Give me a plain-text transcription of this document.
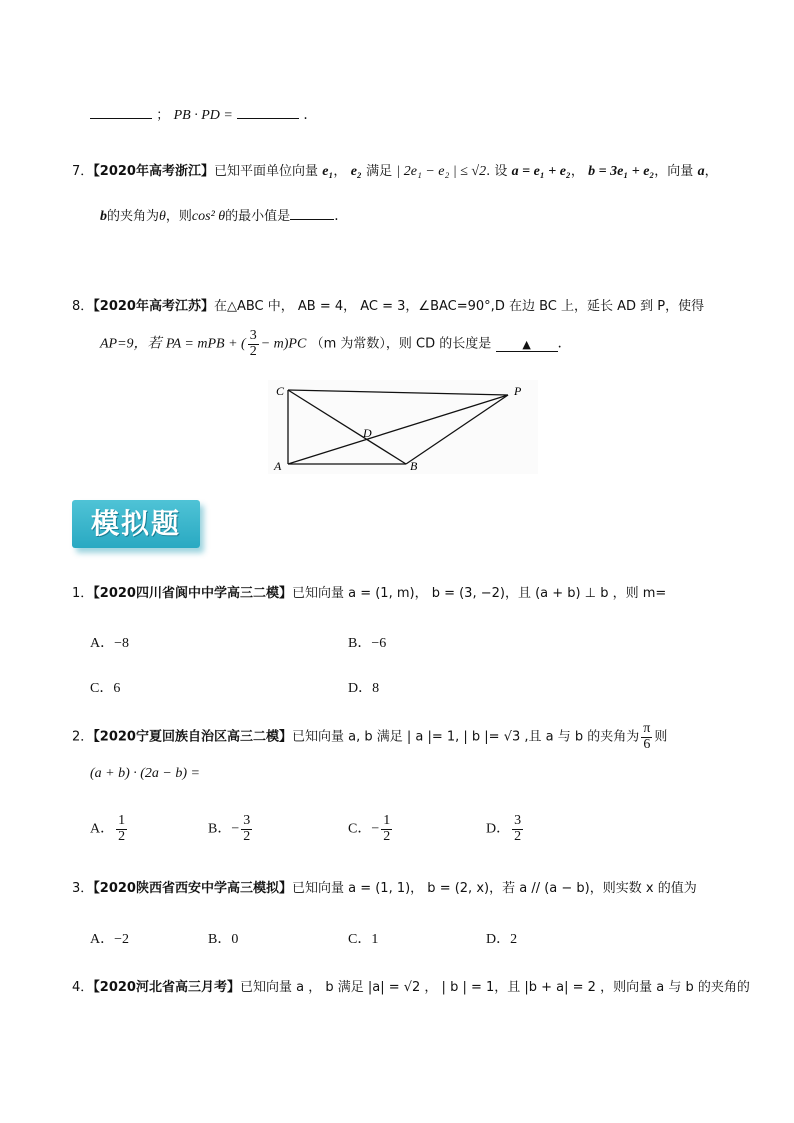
； PB · PD =	.
7．【2020年高考浙江】已知平面单位向量 e₁， e₂ 满足 | 2e₁ − e₂ | ≤ √2. 设 a = e₁ + e₂， b = 3e₁ + e₂，向量 a，
b的夹角为θ，则cos² θ的最小值是	.
8．【2020年高考江苏】在△ABC 中， AB = 4， AC = 3，∠BAC=90°,D 在边 BC 上，延长 AD 到 P，使得
AP=9，若 PA = mPB + ( $\frac{3}{2} - m)PC$ （m 为常数），则 CD 的长度是	▲ .
C	P
D
A	B
模拟题
1．【2020四川省阆中中学高三二模】已知向量 a = (1, m)， b = (3, −2)，且 (a + b) ⊥ b ，则 m=
A．−8	B．−6
C．6	D．8
2．【2020宁夏回族自治区高三二模】已知向量 a, b 满足 | a |= 1, | b |= √3 ,且 a 与 b 的夹角为 $\frac{\pi}{6}$ 则
(a + b) · (2a − b) =
A． $\frac{1}{2}$	B．− $\frac{3}{2}$	C．− $\frac{1}{2}$	D． $\frac{3}{2}$
3．【2020陕西省西安中学高三模拟】已知向量 a = (1, 1)， b = (2, x)，若 a // (a − b)，则实数 x 的值为
A．−2	B．0	C．1	D．2
4．【2020河北省高三月考】已知向量 a ， b 满足 |a| = √2 ， | b | = 1，且 |b + a| = 2 ，则向量 a 与 b 的夹角的
